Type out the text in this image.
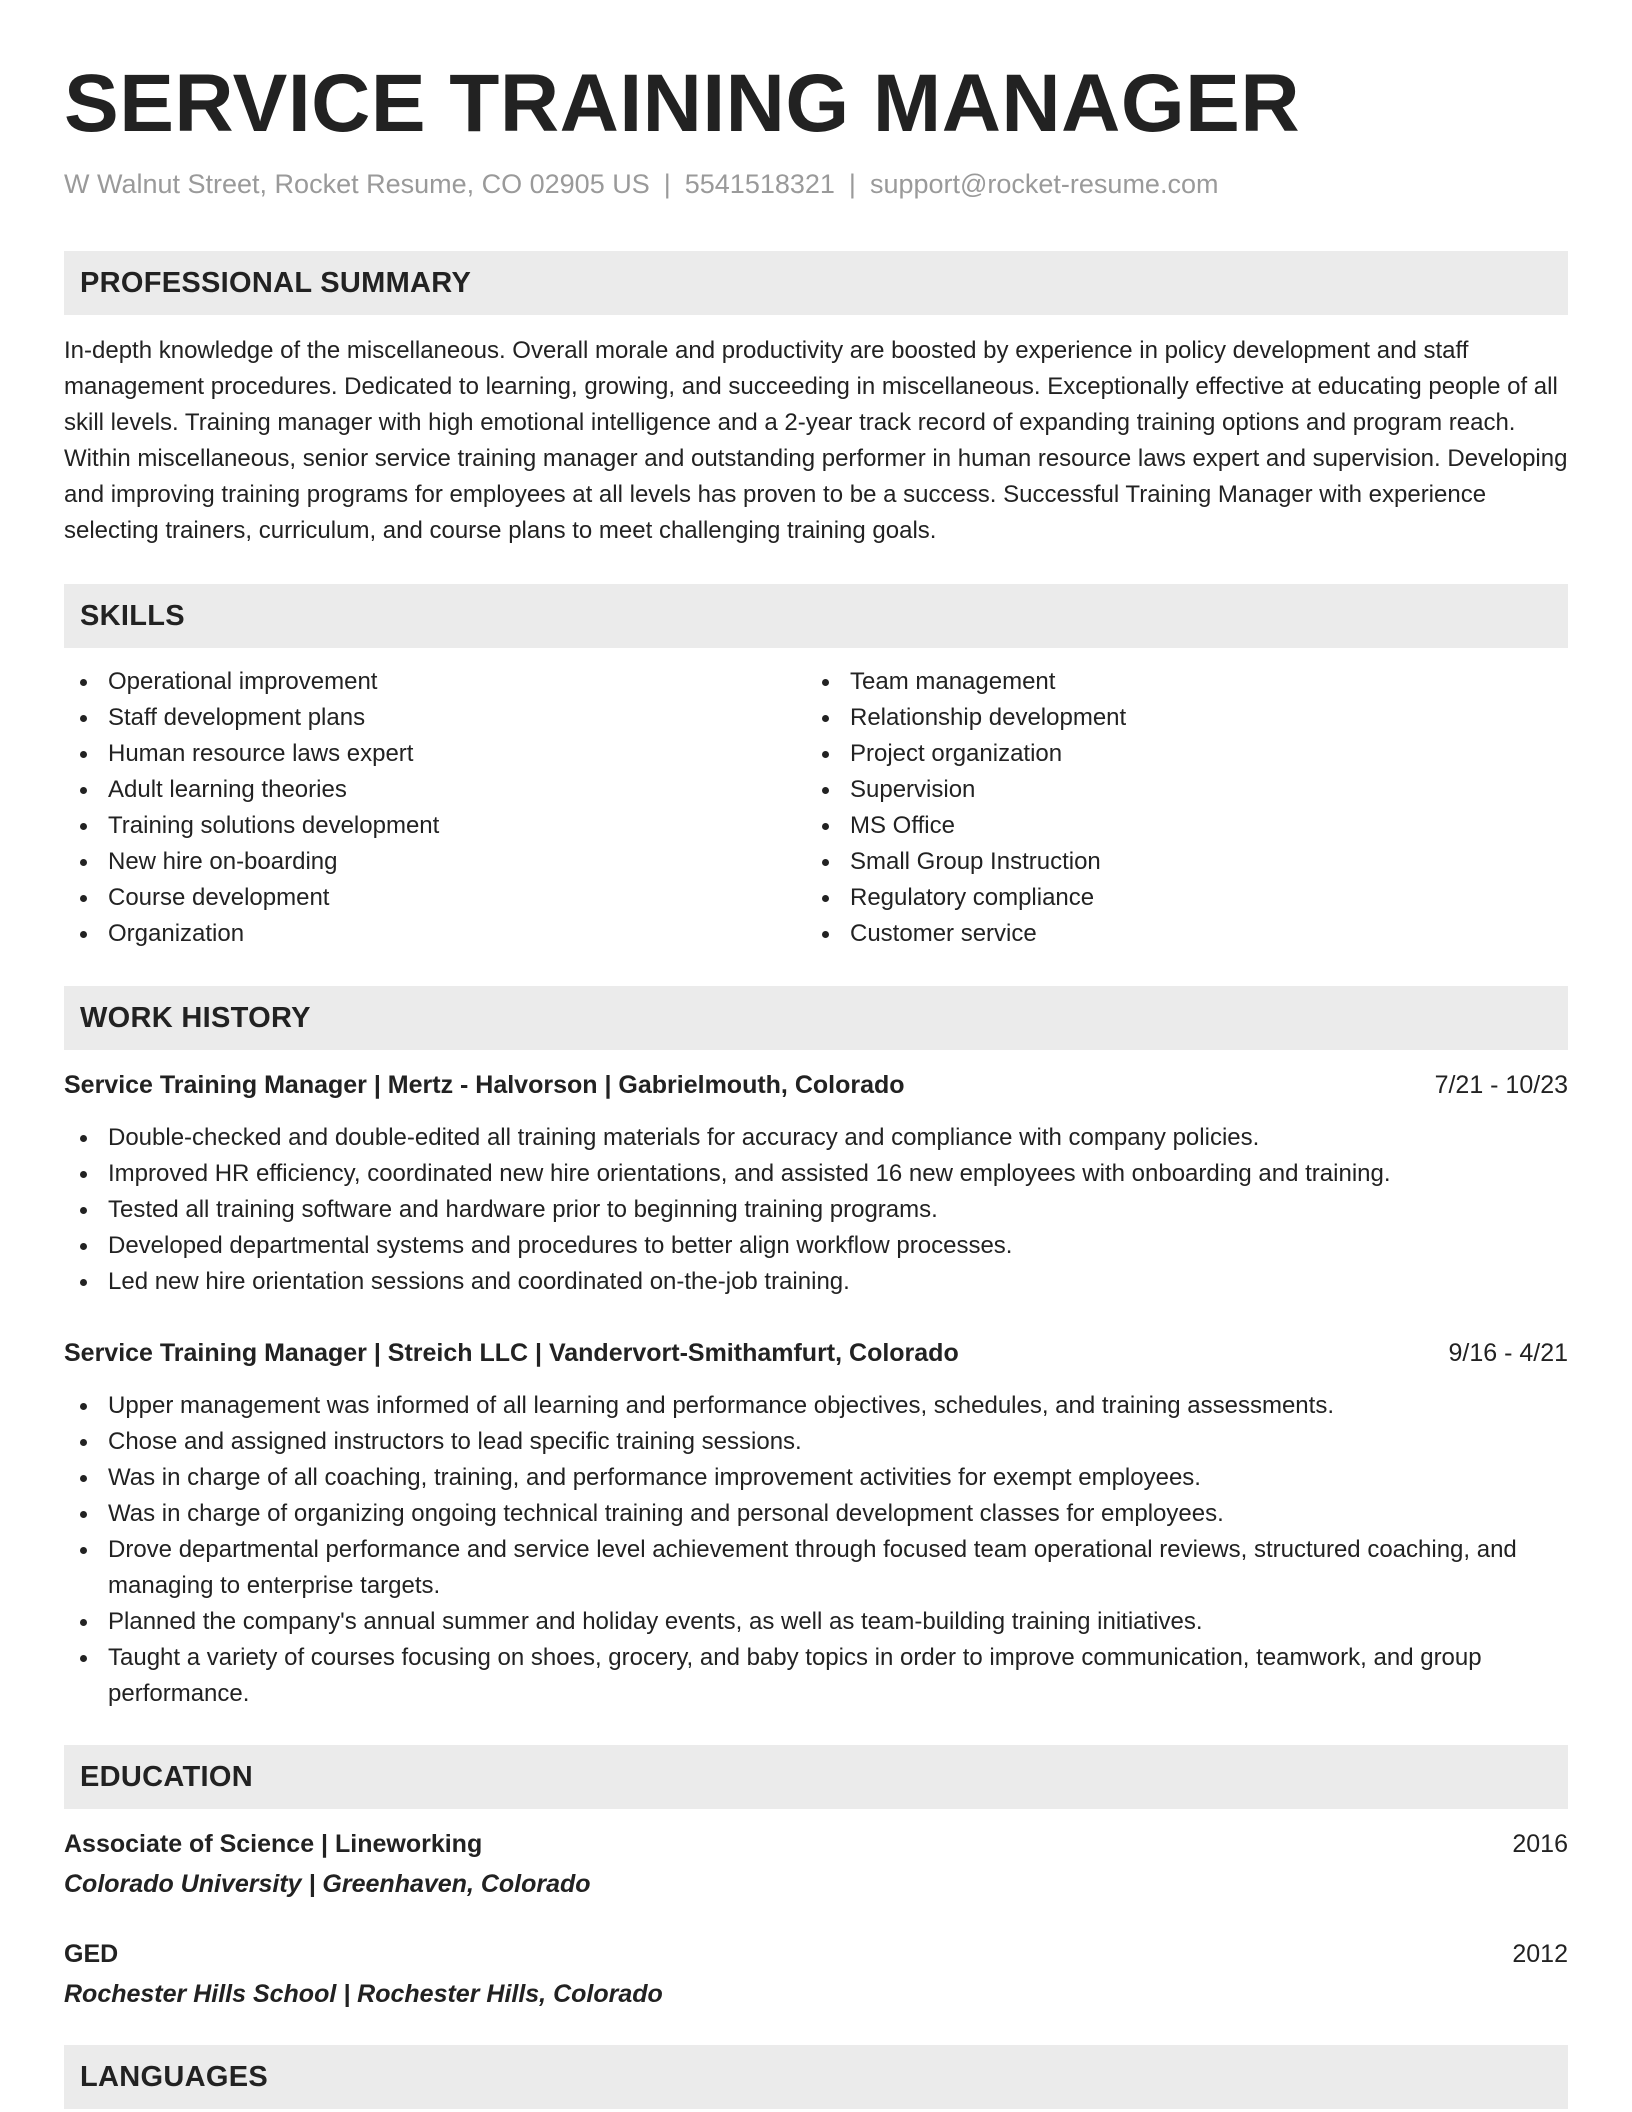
SERVICE TRAINING MANAGER
W Walnut Street, Rocket Resume, CO 02905 US | 5541518321 | support@rocket-resume.com
PROFESSIONAL SUMMARY

In-depth knowledge of the miscellaneous. Overall morale and productivity are boosted by experience in policy development and staff management procedures. Dedicated to learning, growing, and succeeding in miscellaneous. Exceptionally effective at educating people of all skill levels. Training manager with high emotional intelligence and a 2-year track record of expanding training options and program reach. Within miscellaneous, senior service training manager and outstanding performer in human resource laws expert and supervision. Developing and improving training programs for employees at all levels has proven to be a success. Successful Training Manager with experience selecting trainers, curriculum, and course plans to meet challenging training goals.

SKILLS
Operational improvement
Staff development plans
Human resource laws expert
Adult learning theories
Training solutions development
New hire on-boarding
Course development
Organization
Team management
Relationship development
Project organization
Supervision
MS Office
Small Group Instruction
Regulatory compliance
Customer service
WORK HISTORY
Service Training Manager | Mertz - Halvorson | Gabrielmouth, Colorado	7/21 - 10/23
Double-checked and double-edited all training materials for accuracy and compliance with company policies.
Improved HR efficiency, coordinated new hire orientations, and assisted 16 new employees with onboarding and training.
Tested all training software and hardware prior to beginning training programs.
Developed departmental systems and procedures to better align workflow processes.
Led new hire orientation sessions and coordinated on-the-job training.
Service Training Manager | Streich LLC | Vandervort-Smithamfurt, Colorado	9/16 - 4/21
Upper management was informed of all learning and performance objectives, schedules, and training assessments.
Chose and assigned instructors to lead specific training sessions.
Was in charge of all coaching, training, and performance improvement activities for exempt employees.
Was in charge of organizing ongoing technical training and personal development classes for employees.
Drove departmental performance and service level achievement through focused team operational reviews, structured coaching, and managing to enterprise targets.
Planned the company's annual summer and holiday events, as well as team-building training initiatives.
Taught a variety of courses focusing on shoes, grocery, and baby topics in order to improve communication, teamwork, and group performance.
EDUCATION
Associate of Science | Lineworking	2016
Colorado University | Greenhaven, Colorado
GED	2012
Rochester Hills School | Rochester Hills, Colorado
LANGUAGES
